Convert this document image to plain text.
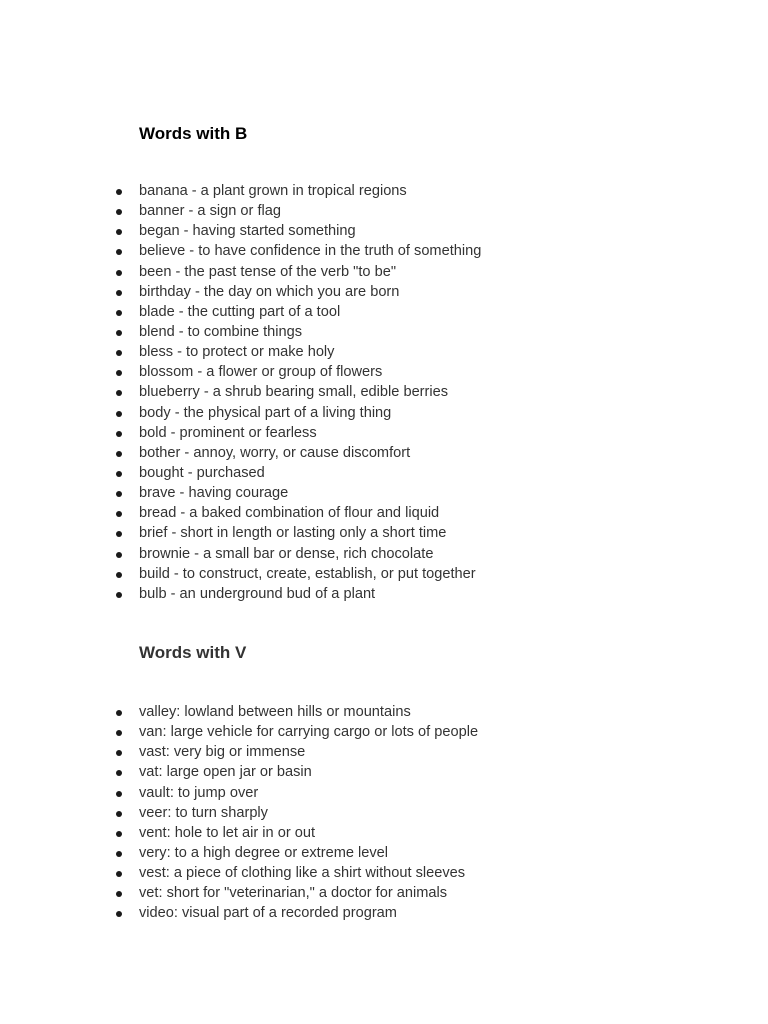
Words with B
banana - a plant grown in tropical regions
banner - a sign or flag
began - having started something
believe - to have confidence in the truth of something
been - the past tense of the verb "to be"
birthday - the day on which you are born
blade - the cutting part of a tool
blend - to combine things
bless - to protect or make holy
blossom - a flower or group of flowers
blueberry - a shrub bearing small, edible berries
body - the physical part of a living thing
bold - prominent or fearless
bother - annoy, worry, or cause discomfort
bought - purchased
brave - having courage
bread - a baked combination of flour and liquid
brief - short in length or lasting only a short time
brownie - a small bar or dense, rich chocolate
build - to construct, create, establish, or put together
bulb - an underground bud of a plant
Words with V
valley: lowland between hills or mountains
van: large vehicle for carrying cargo or lots of people
vast: very big or immense
vat: large open jar or basin
vault: to jump over
veer: to turn sharply
vent: hole to let air in or out
very: to a high degree or extreme level
vest: a piece of clothing like a shirt without sleeves
vet: short for "veterinarian," a doctor for animals
video: visual part of a recorded program
